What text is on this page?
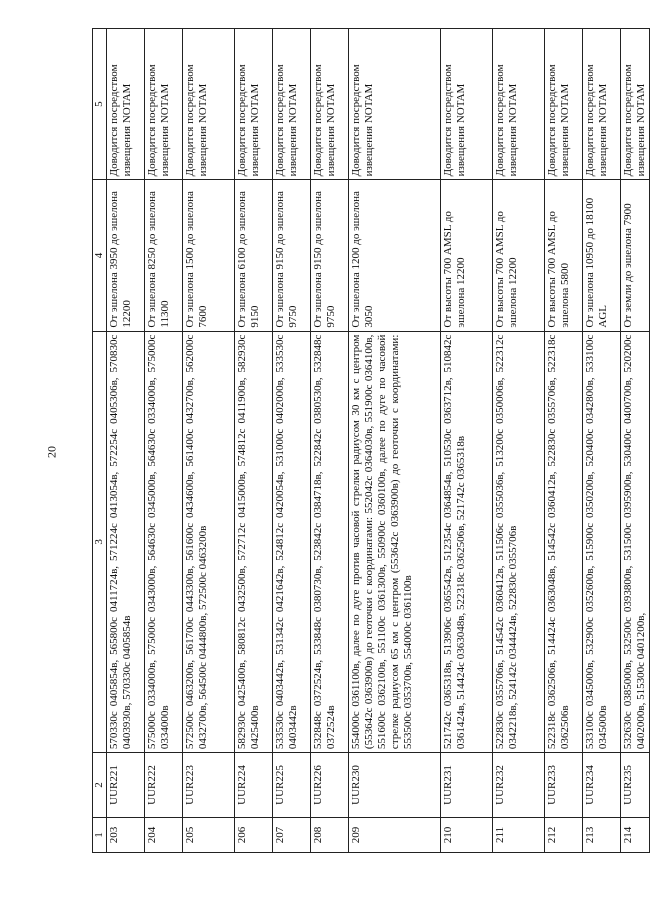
20
1	2	3	4	5
203	UUR221	570330с 0405854в, 565800с 0411724в, 571224с 0413054в, 572254с 0405306в, 570830с 0403930в, 570330с 0405854в	От эшелона 3950 до эшелона 12200	Доводится посредством извещения NOTAM
204	UUR222	575000с 0334000в, 575000с 0343000в, 564630с 0345000в, 564630с 0334000в, 575000с 0334000в	От эшелона 8250 до эшелона 11300	Доводится посредством извещения NOTAM
205	UUR223	572500с 0463200в, 561700с 0443300в, 561600с 0434600в, 561400с 0432700в, 562000с 0432700в, 564500с 0444800в, 572500с 0463200в	От эшелона 1500 до эшелона 7600	Доводится посредством извещения NOTAM
206	UUR224	582930с 0425400в, 580812с 0432500в, 572712с 0415000в, 574812с 0411900в, 582930с 0425400в	От эшелона 6100 до эшелона 9150	Доводится посредством извещения NOTAM
207	UUR225	533530с 0403442в, 531342с 0421642в, 524812с 0420054в, 531000с 0402000в, 533530с 0403442в	От эшелона 9150 до эшелона 9750	Доводится посредством извещения NOTAM
208	UUR226	532848с 0372524в, 533848с 0380730в, 523842с 0384718в, 522842с 0380530в, 532848с 0372524в	От эшелона 9150 до эшелона 9750	Доводится посредством извещения NOTAM
209	UUR230	554000с 0361100в, далее по дуге против часовой стрелки радиусом 30 км с центром (553642с 0363900в) до геоточки с координатами: 552042с 0364030в, 551900с 0364100в, 551600с 0362100в, 551100с 0361300в, 550900с 0360100в, далее по дуге по часовой стрелке радиусом 65 км с центром (553642с 0363900в) до геоточки с координатами: 553500с 0353700в, 554000с 0361100в	От эшелона 1200 до эшелона 3050	Доводится посредством извещения NOTAM
210	UUR231	521742с 0365318в, 513906с 0365542в, 512354с 0364854в, 510530с 0363712в, 510842с 0361424в, 514424с 0363048в, 522318с 0362506в, 521742с 0365318в	От высоты 700 AMSL до эшелона 12200	Доводится посредством извещения NOTAM
211	UUR232	522830с 0355706в, 514542с 0360412в, 511506с 0355036в, 513200с 0350006в, 522312с 0342218в, 524142с 0344424в, 522830с 0355706в	От высоты 700 AMSL до эшелона 12200	Доводится посредством извещения NOTAM
212	UUR233	522318с 0362506в, 514424с 0363048в, 514542с 0360412в, 522830с 0355706в, 522318с 0362506в	От высоты 700 AMSL до эшелона 5800	Доводится посредством извещения NOTAM
213	UUR234	533100с 0345000в, 532900с 0352600в, 515900с 0350200в, 520400с 0342800в, 533100с 0345000в	От эшелона 10950 до 18100 AGL	Доводится посредством извещения NOTAM
214	UUR235	532630с 0385000в, 532500с 0393800в, 531500с 0395900в, 530400с 0400700в, 520200с 0402000в, 515300с 0401200в,	От земли до эшелона 7900	Доводится посредством извещения NOTAM
